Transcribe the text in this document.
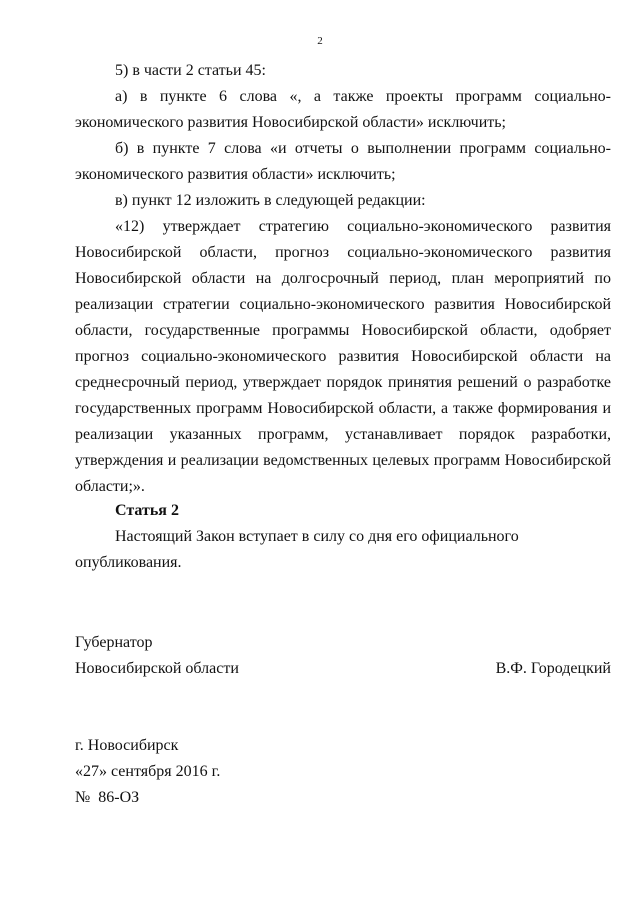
2

5) в части 2 статьи 45:

а) в пункте 6 слова «, а также проекты программ социально-экономического развития Новосибирской области» исключить;

б) в пункте 7 слова «и отчеты о выполнении программ социально-экономического развития области» исключить;

в) пункт 12 изложить в следующей редакции:

«12) утверждает стратегию социально-экономического развития Новосибирской области, прогноз социально-экономического развития Новосибирской области на долгосрочный период, план мероприятий по реализации стратегии социально-экономического развития Новосибирской области, государственные программы Новосибирской области, одобряет прогноз социально-экономического развития Новосибирской области на среднесрочный период, утверждает порядок принятия решений о разработке государственных программ Новосибирской области, а также формирования и реализации указанных программ, устанавливает порядок разработки, утверждения и реализации ведомственных целевых программ Новосибирской области;».

Статья 2

Настоящий Закон вступает в силу со дня его официального опубликования.

Губернатор
Новосибирской области	В.Ф. Городецкий
г. Новосибирск
«27» сентября 2016 г.
№  86-ОЗ
